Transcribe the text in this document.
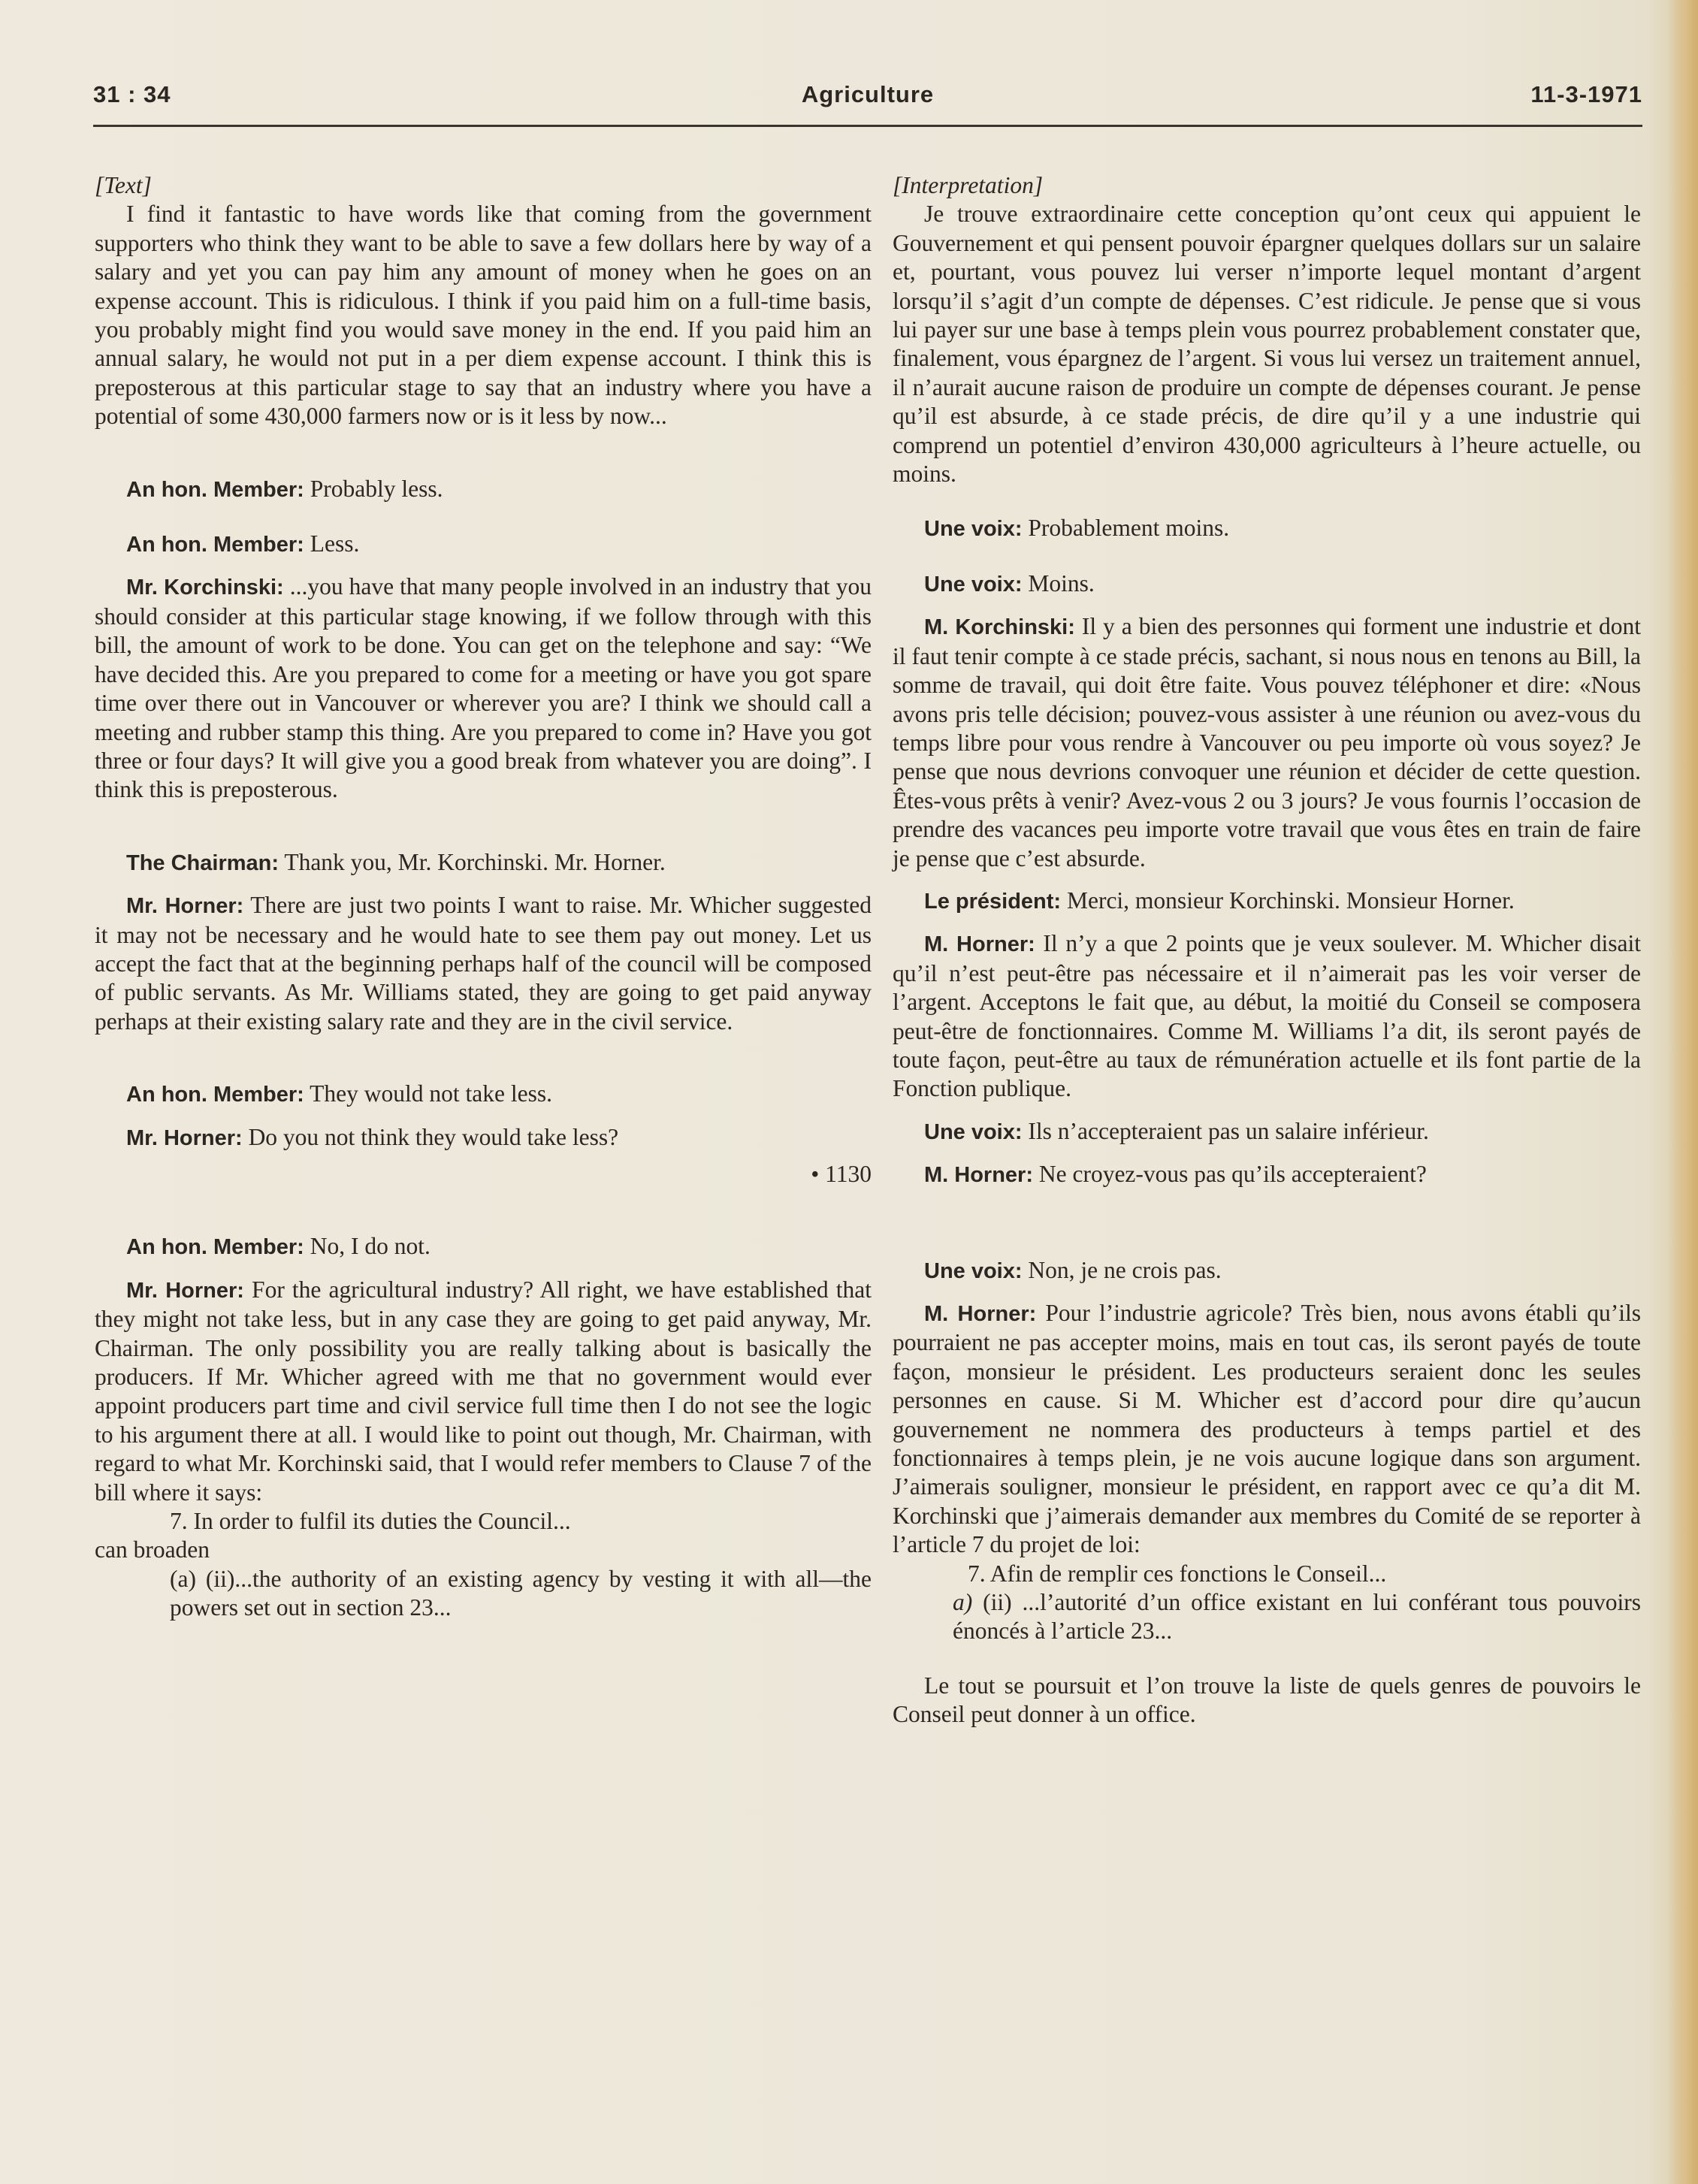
Agriculture
31 : 34	11-3-1971

[Text]

I find it fantastic to have words like that coming from the government supporters who think they want to be able to save a few dollars here by way of a salary and yet you can pay him any amount of money when he goes on an expense account. This is ridiculous. I think if you paid him on a full-time basis, you probably might find you would save money in the end. If you paid him an annual salary, he would not put in a per diem expense account. I think this is preposterous at this particular stage to say that an industry where you have a potential of some 430,000 farmers now or is it less by now...

An hon. Member: Probably less.

An hon. Member: Less.

Mr. Korchinski: ...you have that many people involved in an industry that you should consider at this particular stage knowing, if we follow through with this bill, the amount of work to be done. You can get on the telephone and say: “We have decided this. Are you prepared to come for a meeting or have you got spare time over there out in Vancouver or wherever you are? I think we should call a meeting and rubber stamp this thing. Are you prepared to come in? Have you got three or four days? It will give you a good break from whatever you are doing”. I think this is preposterous.

The Chairman: Thank you, Mr. Korchinski. Mr. Horner.

Mr. Horner: There are just two points I want to raise. Mr. Whicher suggested it may not be necessary and he would hate to see them pay out money. Let us accept the fact that at the beginning perhaps half of the council will be composed of public servants. As Mr. Williams stated, they are going to get paid anyway perhaps at their existing salary rate and they are in the civil service.

An hon. Member: They would not take less.

Mr. Horner: Do you not think they would take less?

• 1130

An hon. Member: No, I do not.

Mr. Horner: For the agricultural industry? All right, we have established that they might not take less, but in any case they are going to get paid anyway, Mr. Chairman. The only possibility you are really talking about is basically the producers. If Mr. Whicher agreed with me that no government would ever appoint producers part time and civil service full time then I do not see the logic to his argument there at all. I would like to point out though, Mr. Chairman, with regard to what Mr. Korchinski said, that I would refer members to Clause 7 of the bill where it says:

7. In order to fulfil its duties the Council...

can broaden

(a) (ii)...the authority of an existing agency by vesting it with all—the powers set out in section 23...

[Interpretation]

Je trouve extraordinaire cette conception qu’ont ceux qui appuient le Gouvernement et qui pensent pouvoir épargner quelques dollars sur un salaire et, pourtant, vous pouvez lui verser n’importe lequel montant d’argent lorsqu’il s’agit d’un compte de dépenses. C’est ridicule. Je pense que si vous lui payer sur une base à temps plein vous pourrez probablement constater que, finalement, vous épargnez de l’argent. Si vous lui versez un traitement annuel, il n’aurait aucune raison de produire un compte de dépenses courant. Je pense qu’il est absurde, à ce stade précis, de dire qu’il y a une industrie qui comprend un potentiel d’environ 430,000 agriculteurs à l’heure actuelle, ou moins.

Une voix: Probablement moins.

Une voix: Moins.

M. Korchinski: Il y a bien des personnes qui forment une industrie et dont il faut tenir compte à ce stade précis, sachant, si nous nous en tenons au Bill, la somme de travail, qui doit être faite. Vous pouvez téléphoner et dire: «Nous avons pris telle décision; pouvez-vous assister à une réunion ou avez-vous du temps libre pour vous rendre à Vancouver ou peu importe où vous soyez? Je pense que nous devrions convoquer une réunion et décider de cette question. Êtes-vous prêts à venir? Avez-vous 2 ou 3 jours? Je vous fournis l’occasion de prendre des vacances peu importe votre travail que vous êtes en train de faire je pense que c’est absurde.

Le président: Merci, monsieur Korchinski. Monsieur Horner.

M. Horner: Il n’y a que 2 points que je veux soulever. M. Whicher disait qu’il n’est peut-être pas nécessaire et il n’aimerait pas les voir verser de l’argent. Acceptons le fait que, au début, la moitié du Conseil se composera peut-être de fonctionnaires. Comme M. Williams l’a dit, ils seront payés de toute façon, peut-être au taux de rémunération actuelle et ils font partie de la Fonction publique.

Une voix: Ils n’accepteraient pas un salaire inférieur.

M. Horner: Ne croyez-vous pas qu’ils accepteraient?

Une voix: Non, je ne crois pas.

M. Horner: Pour l’industrie agricole? Très bien, nous avons établi qu’ils pourraient ne pas accepter moins, mais en tout cas, ils seront payés de toute façon, monsieur le président. Les producteurs seraient donc les seules personnes en cause. Si M. Whicher est d’accord pour dire qu’aucun gouvernement ne nommera des producteurs à temps partiel et des fonctionnaires à temps plein, je ne vois aucune logique dans son argument. J’aimerais souligner, monsieur le président, en rapport avec ce qu’a dit M. Korchinski que j’aimerais demander aux membres du Comité de se reporter à l’article 7 du projet de loi:

7. Afin de remplir ces fonctions le Conseil...

a) (ii) ...l’autorité d’un office existant en lui conférant tous pouvoirs énoncés à l’article 23...

Le tout se poursuit et l’on trouve la liste de quels genres de pouvoirs le Conseil peut donner à un office.
